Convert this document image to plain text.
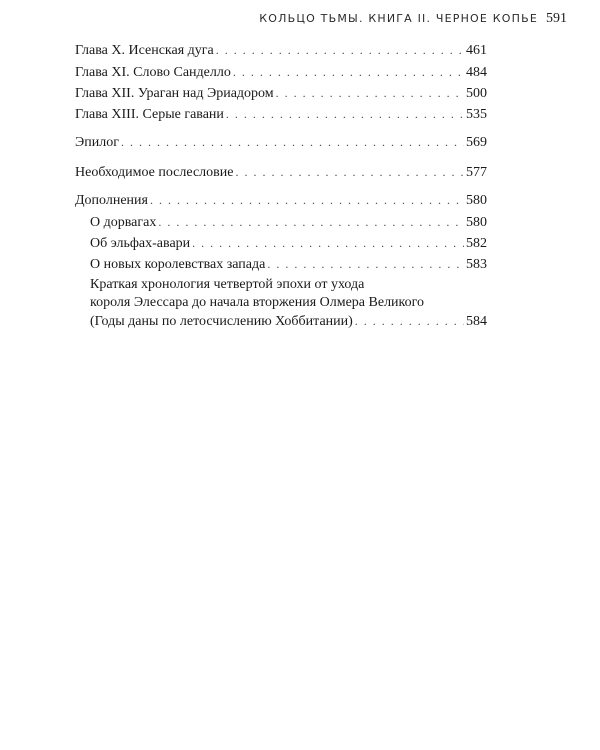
КОЛЬЦО ТЬМЫ. КНИГА II. ЧЕРНОЕ КОПЬЕ 591
Глава X. Исенская дуга . . .	461
Глава XI. Слово Санделло . . .	484
Глава XII. Ураган над Эриадором . . .	500
Глава XIII. Серые гавани . . .	535
Эпилог . . .	569
Необходимое послесловие . . .	577
Дополнения . . .	580
О дорвагах . . .	580
Об эльфах-авари . . .	582
О новых королевствах запада . . .	583
Краткая хронология четвертой эпохи от ухода
короля Элессара до начала вторжения Олмера Великого
(Годы даны по летосчислению Хоббитании) . . .	584
